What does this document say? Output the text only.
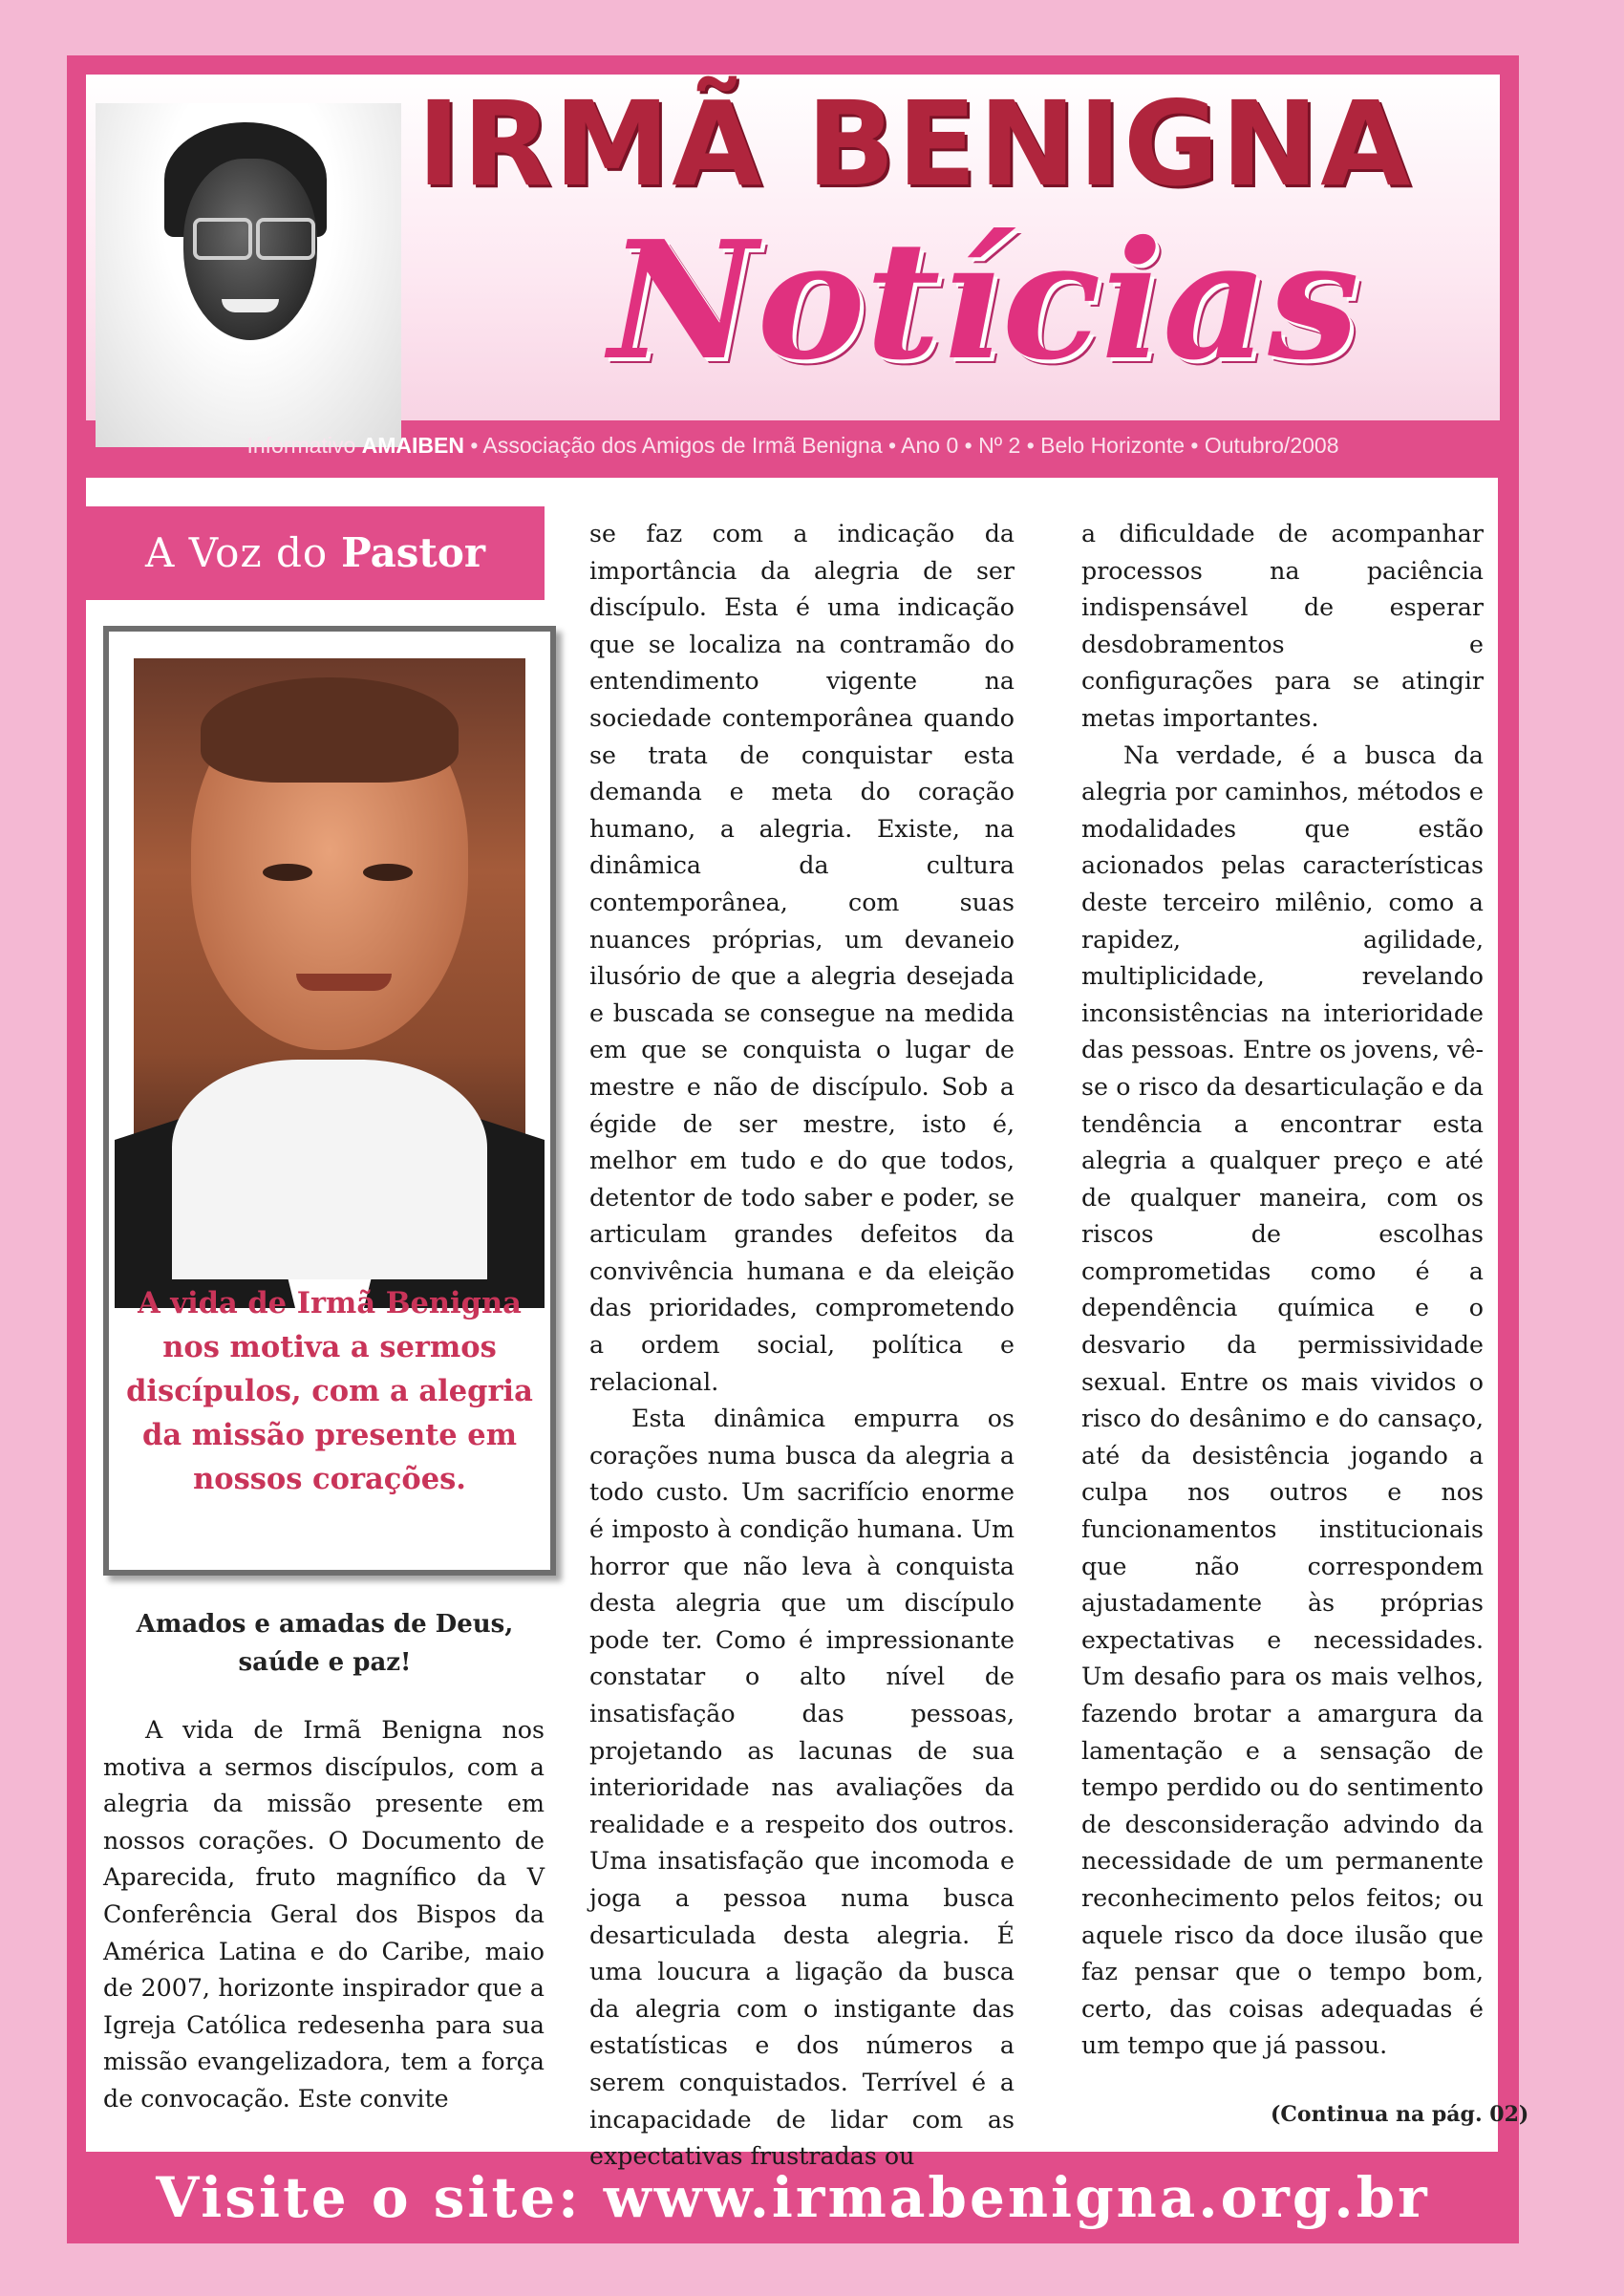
IRMÃ BENIGNA
Notícias
Informativo AMAIBEN • Associação dos Amigos de Irmã Benigna • Ano 0 • Nº 2 • Belo Horizonte • Outubro/2008
A Voz do Pastor
A vida de Irmã Benigna nos motiva a sermos discípulos, com a alegria da missão presente em nossos corações.
Amados e amadas de Deus,
saúde e paz!

A vida de Irmã Benigna nos motiva a sermos discípulos, com a alegria da missão presente em nossos corações. O Documento de Aparecida, fruto magnífico da V Conferência Geral dos Bispos da América Latina e do Caribe, maio de 2007, horizonte inspirador que a Igreja Católica redesenha para sua missão evangelizadora, tem a força de convocação. Este convite

se faz com a indicação da importância da alegria de ser discípulo. Esta é uma indicação que se localiza na contramão do entendimento vigente na sociedade contemporânea quando se trata de conquistar esta demanda e meta do coração humano, a alegria. Existe, na dinâmica da cultura contemporânea, com suas nuances próprias, um devaneio ilusório de que a alegria desejada e buscada se consegue na medida em que se conquista o lugar de mestre e não de discípulo. Sob a égide de ser mestre, isto é, melhor em tudo e do que todos, detentor de todo saber e poder, se articulam grandes defeitos da convivência humana e da eleição das prioridades, comprometendo a ordem social, política e relacional.

Esta dinâmica empurra os corações numa busca da alegria a todo custo. Um sacrifício enorme é imposto à condição humana. Um horror que não leva à conquista desta alegria que um discípulo pode ter. Como é impressionante constatar o alto nível de insatisfação das pessoas, projetando as lacunas de sua interioridade nas avaliações da realidade e a respeito dos outros. Uma insatisfação que incomoda e joga a pessoa numa busca desarticulada desta alegria. É uma loucura a ligação da busca da alegria com o instigante das estatísticas e dos números a serem conquistados. Terrível é a incapacidade de lidar com as expectativas frustradas ou

a dificuldade de acompanhar processos na paciência indispensável de esperar desdobramentos e configurações para se atingir metas importantes.

Na verdade, é a busca da alegria por caminhos, métodos e modalidades que estão acionados pelas características deste terceiro milênio, como a rapidez, agilidade, multiplicidade, revelando inconsistências na interioridade das pessoas. Entre os jovens, vê-se o risco da desarticulação e da tendência a encontrar esta alegria a qualquer preço e até de qualquer maneira, com os riscos de escolhas comprometidas como é a dependência química e o desvario da permissividade sexual. Entre os mais vividos o risco do desânimo e do cansaço, até da desistência jogando a culpa nos outros e nos funcionamentos institucionais que não correspondem ajustadamente às próprias expectativas e necessidades. Um desafio para os mais velhos, fazendo brotar a amargura da lamentação e a sensação de tempo perdido ou do sentimento de desconsideração advindo da necessidade de um permanente reconhecimento pelos feitos; ou aquele risco da doce ilusão que faz pensar que o tempo bom, certo, das coisas adequadas é um tempo que já passou.

(Continua na pág. 02)
Visite o site: www.irmabenigna.org.br
